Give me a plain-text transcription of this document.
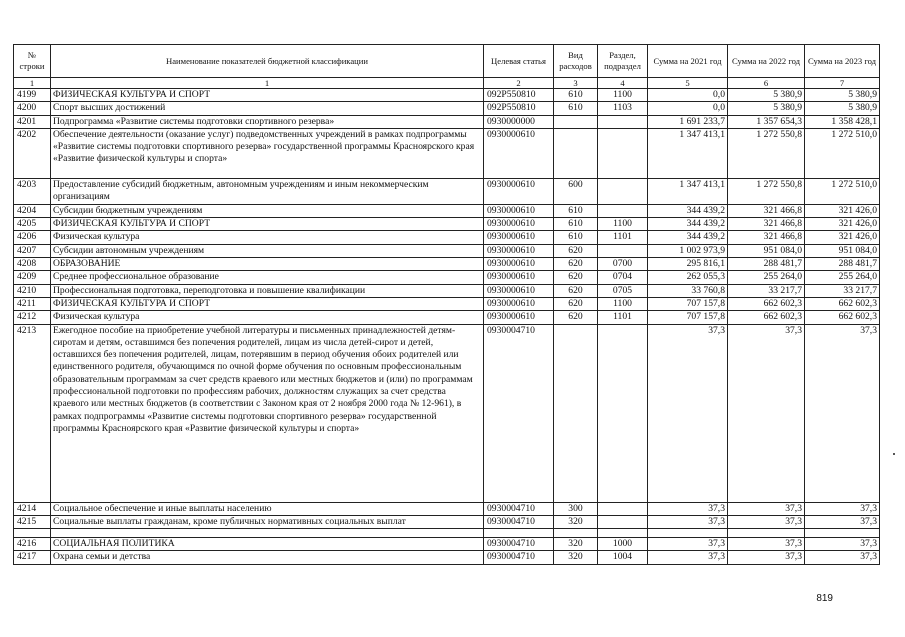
№ строки	Наименование показателей бюджетной классификации	Целевая статья	Вид расходов	Раздел, подраздел	Сумма на 2021 год	Сумма на 2022 год	Сумма на 2023 год
1	1	2	3	4	5	6	7
4199	ФИЗИЧЕСКАЯ КУЛЬТУРА И СПОРТ	092P550810	610	1100	0,0	5 380,9	5 380,9
4200	Спорт высших достижений	092P550810	610	1103	0,0	5 380,9	5 380,9
4201	Подпрограмма «Развитие системы подготовки спортивного резерва»	0930000000			1 691 233,7	1 357 654,3	1 358 428,1
4202	Обеспечение деятельности (оказание услуг) подведомственных учреждений в рамках подпрограммы «Развитие системы подготовки спортивного резерва» государственной программы Красноярского края «Развитие физической культуры и спорта»	0930000610			1 347 413,1	1 272 550,8	1 272 510,0
4203	Предоставление субсидий бюджетным, автономным учреждениям и иным некоммерческим организациям	0930000610	600		1 347 413,1	1 272 550,8	1 272 510,0
4204	Субсидии бюджетным учреждениям	0930000610	610		344 439,2	321 466,8	321 426,0
4205	ФИЗИЧЕСКАЯ КУЛЬТУРА И СПОРТ	0930000610	610	1100	344 439,2	321 466,8	321 426,0
4206	Физическая культура	0930000610	610	1101	344 439,2	321 466,8	321 426,0
4207	Субсидии автономным учреждениям	0930000610	620		1 002 973,9	951 084,0	951 084,0
4208	ОБРАЗОВАНИЕ	0930000610	620	0700	295 816,1	288 481,7	288 481,7
4209	Среднее профессиональное образование	0930000610	620	0704	262 055,3	255 264,0	255 264,0
4210	Профессиональная подготовка, переподготовка и повышение квалификации	0930000610	620	0705	33 760,8	33 217,7	33 217,7
4211	ФИЗИЧЕСКАЯ КУЛЬТУРА И СПОРТ	0930000610	620	1100	707 157,8	662 602,3	662 602,3
4212	Физическая культура	0930000610	620	1101	707 157,8	662 602,3	662 602,3
4213	Ежегодное пособие на приобретение учебной литературы и письменных принадлежностей детям-сиротам и детям, оставшимся без попечения родителей, лицам из числа детей-сирот и детей, оставшихся без попечения родителей, лицам, потерявшим в период обучения обоих родителей или единственного родителя, обучающимся по очной форме обучения по основным профессиональным образовательным программам за счет средств краевого или местных бюджетов и (или) по программам профессиональной подготовки по профессиям рабочих, должностям служащих за счет средства краевого или местных бюджетов (в соответствии с Законом края от 2 ноября 2000 года № 12-961), в рамках подпрограммы «Развитие системы подготовки спортивного резерва» государственной программы Красноярского края «Развитие физической культуры и спорта»	0930004710			37,3	37,3	37,3
4214	Социальное обеспечение и иные выплаты населению	0930004710	300		37,3	37,3	37,3
4215	Социальные выплаты гражданам, кроме публичных нормативных социальных выплат	0930004710	320		37,3	37,3	37,3

4216	СОЦИАЛЬНАЯ ПОЛИТИКА	0930004710	320	1000	37,3	37,3	37,3
4217	Охрана семьи и детства	0930004710	320	1004	37,3	37,3	37,3
819
